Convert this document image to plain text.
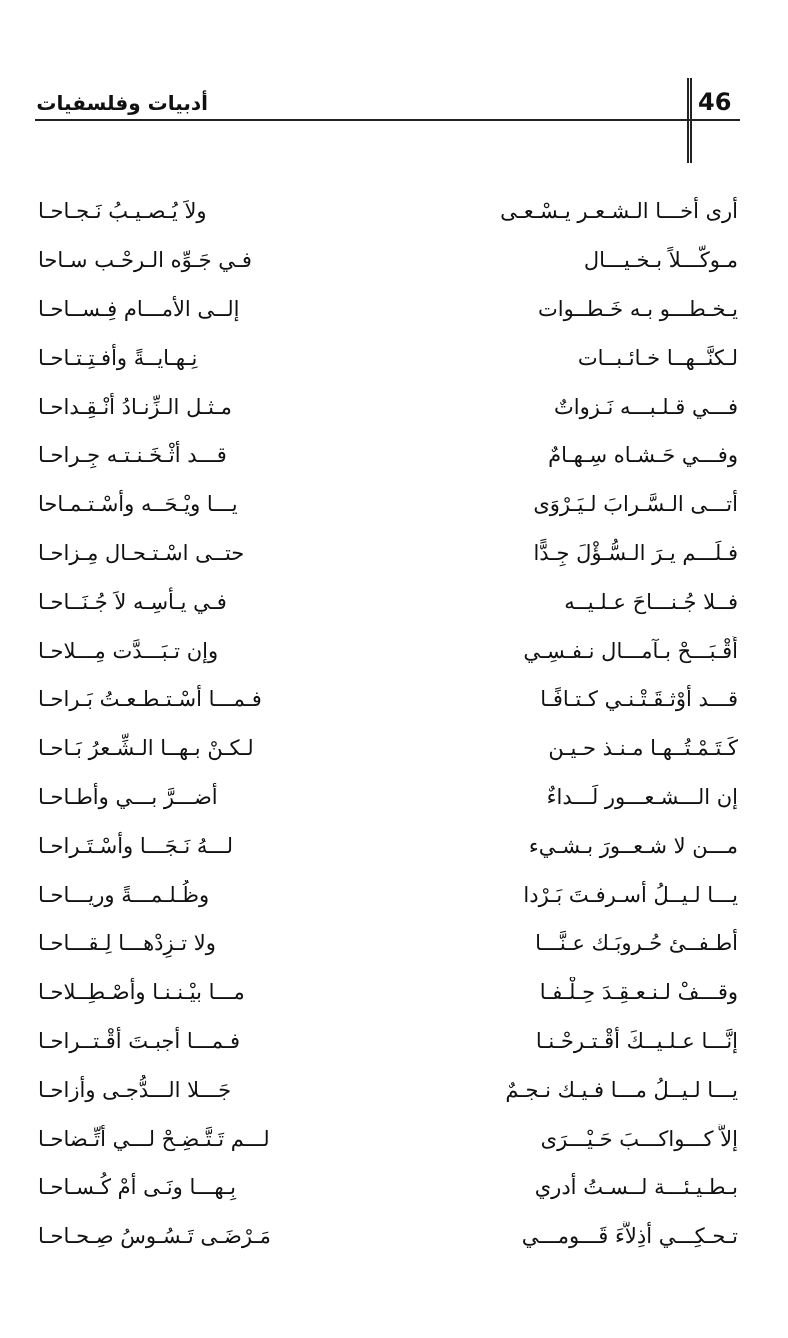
أدبيات وفلسفيات	46
أرى أخـــا الـشـعـر يـسْـعـى
ولاَ يُـصـيـبُ نَـجـاحـا
مـوكَّـــلاً بـخـيـــال
فـي جَـوِّه الـرحْـب سـاحا
يـخـطـــو بـه خَـطــوات
إلــى الأمـــام فِـســاحـا
لـكنَّــهــا خـائـبــات
نِـهـايــةً وأفـتِـتـاحـا
فـــي قـلـبـــه نَـزواتٌ
مـثـل الـزِّنـادُ أنْـقِـداحـا
وفـــي حَـشـاه سِـهـامٌ
قـــد أثْـخَـنـتـه جِـراحـا
أتـــى الـسَّـرابَ لـيَـرْوَى
يـــا ويْـحَــه وأسْـتـمـاحا
فـلَـــم يـرَ الـسُّـؤْلَ جِـدًّا
حتــى اسْـتـحـال مِـزاحـا
فــلا جُـنـــاحَ عـلـيــه
فـي يـأسِـه لاَ جُـنَــاحـا
أَقْـبَـــحْ بـآمـــال نـفـسِـي
وإن تـبَـــدَّت مِـــلاحـا
قـــد أوْثـقَـتْـنـي كـتـافًـا
فـمـــا أسْـتـطـعـتُ بَـراحـا
كَـتَـمْـتُــهـا مـنـذ حـيـن
لـكـنْ بـهــا الـشِّـعرُ بَـاحـا
إن الـــشـعـــور لَـــداءٌ
أضـــرَّ بـــي وأطـاحـا
مـــن لا شـعــورَ بـشـيء
لـــهُ نَـجَـــا وأسْـتَـراحـا
يـــا لـيــلُ أسـرفـتَ بَـرْدا
وظُـلـمـــةً وريـــاحـا
أطـفــئ حُـروبَـك عـنَّـــا
ولا تـزِدْهـــا لِـقـــاحـا
وقـــفْ لـنـعـقِـدَ حِـلْـفـا
مـــا بيْـنـنـا وأصْـطِــلاحـا
إنَّـــا عـلـيــكَ أقْـتـرحْـنـا
فـمـــا أجبـتَ أقْـتــراحـا
يـــا لـيــلُ مـــا فـيـك نـجـمٌ
جَـــلا الـــدُّجـى وأزاحـا
إلاَّ كـــواكـــبَ حَـيْـــرَى
لـــم تَـتَّـضِـحْ لـــي أتِّـضاحـا
بـطـيـئـــة لــسـتُ أدري
بِـهـــا ونَـى أمْ كُـسـاحـا
تـحـكِـــي أذِلاَّءَ قَـــومـــي
مَـرْضَـى تَـسُـوسُ صِـحـاحـا
